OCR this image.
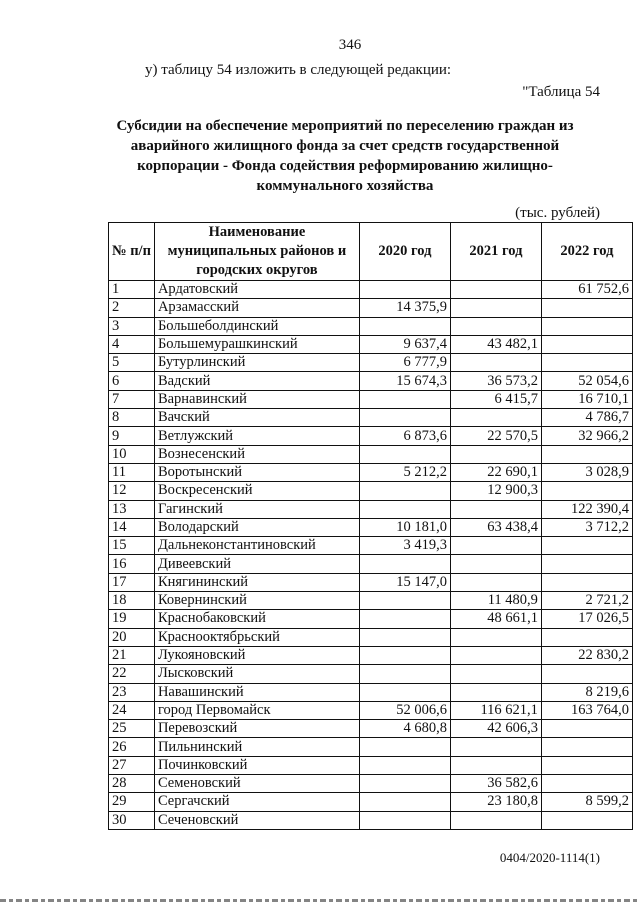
346
у) таблицу 54 изложить в следующей редакции:
"Таблица 54
Субсидии на обеспечение мероприятий по переселению граждан из аварийного жилищного фонда за счет средств государственной корпорации - Фонда содействия реформированию жилищно-коммунального хозяйства
(тыс. рублей)
№ п/п	Наименование муниципальных районов и городских округов	2020 год	2021 год	2022 год
1	Ардатовский			61 752,6
2	Арзамасский	14 375,9		
3	Большеболдинский			
4	Большемурашкинский	9 637,4	43 482,1	
5	Бутурлинский	6 777,9		
6	Вадский	15 674,3	36 573,2	52 054,6
7	Варнавинский		6 415,7	16 710,1
8	Вачский			4 786,7
9	Ветлужский	6 873,6	22 570,5	32 966,2
10	Вознесенский			
11	Воротынский	5 212,2	22 690,1	3 028,9
12	Воскресенский		12 900,3	
13	Гагинский			122 390,4
14	Володарский	10 181,0	63 438,4	3 712,2
15	Дальнеконстантиновский	3 419,3		
16	Дивеевский			
17	Княгининский	15 147,0		
18	Ковернинский		11 480,9	2 721,2
19	Краснобаковский		48 661,1	17 026,5
20	Краснооктябрьский			
21	Лукояновский			22 830,2
22	Лысковский			
23	Навашинский			8 219,6
24	город Первомайск	52 006,6	116 621,1	163 764,0
25	Перевозский	4 680,8	42 606,3	
26	Пильнинский			
27	Починковский			
28	Семеновский		36 582,6	
29	Сергачский		23 180,8	8 599,2
30	Сеченовский			
0404/2020-1114(1)
